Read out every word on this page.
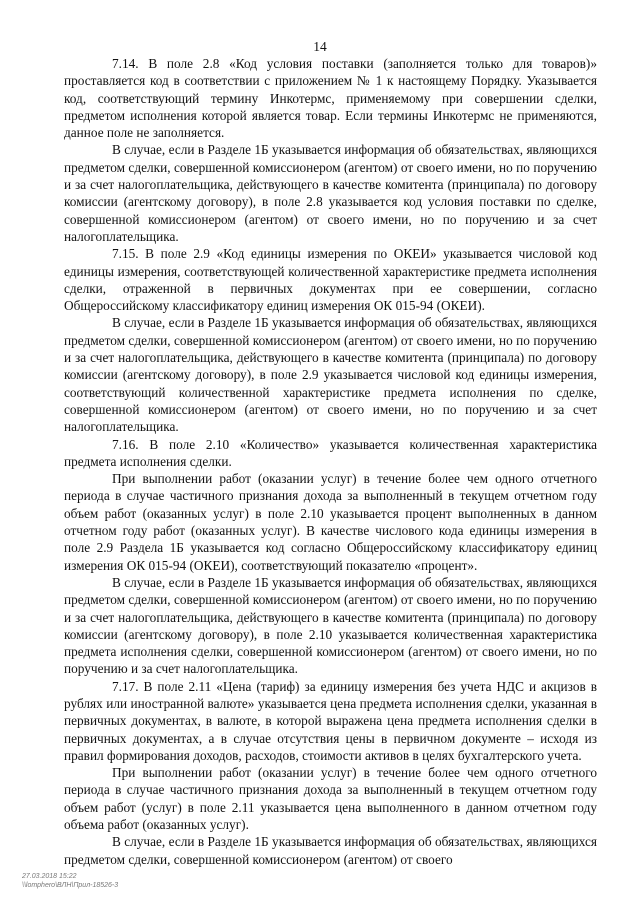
14

7.14. В поле 2.8 «Код условия поставки (заполняется только для товаров)» проставляется код в соответствии с приложением № 1 к настоящему Порядку. Указывается код, соответствующий термину Инкотермс, применяемому при совершении сделки, предметом исполнения которой является товар. Если термины Инкотермс не применяются, данное поле не заполняется.

В случае, если в Разделе 1Б указывается информация об обязательствах, являющихся предметом сделки, совершенной комиссионером (агентом) от своего имени, но по поручению и за счет налогоплательщика, действующего в качестве комитента (принципала) по договору комиссии (агентскому договору), в поле 2.8 указывается код условия поставки по сделке, совершенной комиссионером (агентом) от своего имени, но по поручению и за счет налогоплательщика.

7.15. В поле 2.9 «Код единицы измерения по ОКЕИ» указывается числовой код единицы измерения, соответствующей количественной характеристике предмета исполнения сделки, отраженной в первичных документах при ее совершении, согласно Общероссийскому классификатору единиц измерения ОК 015-94 (ОКЕИ).

В случае, если в Разделе 1Б указывается информация об обязательствах, являющихся предметом сделки, совершенной комиссионером (агентом) от своего имени, но по поручению и за счет налогоплательщика, действующего в качестве комитента (принципала) по договору комиссии (агентскому договору), в поле 2.9 указывается числовой код единицы измерения, соответствующий количественной характеристике предмета исполнения по сделке, совершенной комиссионером (агентом) от своего имени, но по поручению и за счет налогоплательщика.

7.16. В поле 2.10 «Количество» указывается количественная характеристика предмета исполнения сделки.

При выполнении работ (оказании услуг) в течение более чем одного отчетного периода в случае частичного признания дохода за выполненный в текущем отчетном году объем работ (оказанных услуг) в поле 2.10 указывается процент выполненных в данном отчетном году работ (оказанных услуг). В качестве числового кода единицы измерения в поле 2.9 Раздела 1Б указывается код согласно Общероссийскому классификатору единиц измерения ОК 015-94 (ОКЕИ), соответствующий показателю «процент».

В случае, если в Разделе 1Б указывается информация об обязательствах, являющихся предметом сделки, совершенной комиссионером (агентом) от своего имени, но по поручению и за счет налогоплательщика, действующего в качестве комитента (принципала) по договору комиссии (агентскому договору), в поле 2.10 указывается количественная характеристика предмета исполнения сделки, совершенной комиссионером (агентом) от своего имени, но по поручению и за счет налогоплательщика.

7.17. В поле 2.11 «Цена (тариф) за единицу измерения без учета НДС и акцизов в рублях или иностранной валюте» указывается цена предмета исполнения сделки, указанная в первичных документах, в валюте, в которой выражена цена предмета исполнения сделки в первичных документах, а в случае отсутствия цены в первичном документе – исходя из правил формирования доходов, расходов, стоимости активов в целях бухгалтерского учета.

При выполнении работ (оказании услуг) в течение более чем одного отчетного периода в случае частичного признания дохода за выполненный в текущем отчетном году объем работ (услуг) в поле 2.11 указывается цена выполненного в данном отчетном году объема работ (оказанных услуг).

В случае, если в Разделе 1Б указывается информация об обязательствах, являющихся предметом сделки, совершенной комиссионером (агентом) от своего

27.03.2018 15:22
\\lomphero\ВЛН\Прил-18526-3
